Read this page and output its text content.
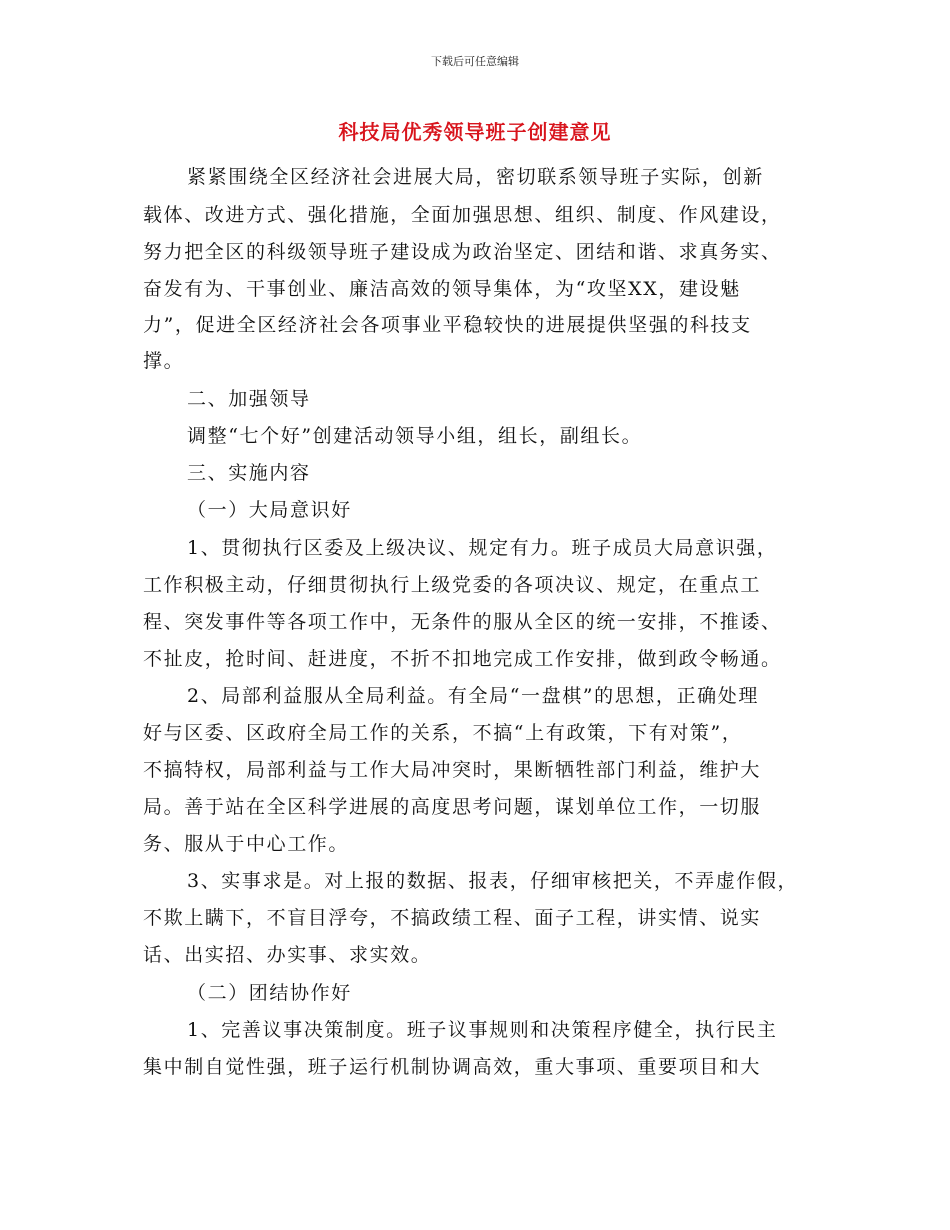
下载后可任意编辑
科技局优秀领导班子创建意见
紧紧围绕全区经济社会进展大局，密切联系领导班子实际，创新
载体、改进方式、强化措施，全面加强思想、组织、制度、作风建设，
努力把全区的科级领导班子建设成为政治坚定、团结和谐、求真务实、
奋发有为、干事创业、廉洁高效的领导集体，为“攻坚XX，建设魅
力”，促进全区经济社会各项事业平稳较快的进展提供坚强的科技支
撑。
二、加强领导
调整“七个好”创建活动领导小组，组长，副组长。
三、实施内容
（一）大局意识好
1、贯彻执行区委及上级决议、规定有力。班子成员大局意识强，
工作积极主动，仔细贯彻执行上级党委的各项决议、规定，在重点工
程、突发事件等各项工作中，无条件的服从全区的统一安排，不推诿、
不扯皮，抢时间、赶进度，不折不扣地完成工作安排，做到政令畅通。
2、局部利益服从全局利益。有全局“一盘棋”的思想，正确处理
好与区委、区政府全局工作的关系，不搞“上有政策，下有对策”，
不搞特权，局部利益与工作大局冲突时，果断牺牲部门利益，维护大
局。善于站在全区科学进展的高度思考问题，谋划单位工作，一切服
务、服从于中心工作。
3、实事求是。对上报的数据、报表，仔细审核把关，不弄虚作假，
不欺上瞒下，不盲目浮夸，不搞政绩工程、面子工程，讲实情、说实
话、出实招、办实事、求实效。
（二）团结协作好
1、完善议事决策制度。班子议事规则和决策程序健全，执行民主
集中制自觉性强，班子运行机制协调高效，重大事项、重要项目和大
